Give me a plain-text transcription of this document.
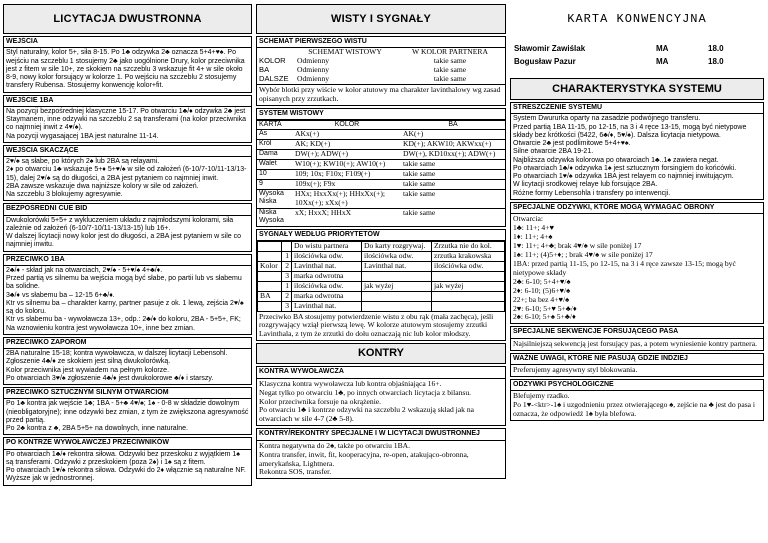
LICYTACJA DWUSTRONNA
WEJŚCIA

Styl naturalny, kolor 5+, siła 8-15. Po 1♣ odzywka 2♣ oznacza 5+4+♥♠. Po wejściu na szczeblu 1 stosujemy 2♣ jako uogólnione Drury, kolor przeciwnika jest z fitem w sile 10+, ze skokiem na szczeblu 3 wskazuje fit 4+ w sile około 8-9, nowy kolor forsujący w kolorze 1. Po wejściu na szczeblu 2 stosujemy transfery Rubensa. Stosujemy konwencję kolor+fit.

WEJŚCIE 1BA

Na pozycji bezpośredniej klasyczne 15-17. Po otwarciu 1♣/♦ odzywka 2♣ jest Staymanem, inne odzywki na szczeblu 2 są transferami (na kolor przeciwnika co najmniej inwit z 4♥/♠).

Na pozycji wygasającej 1BA jest naturalne 11-14.

WEJŚCIA SKACZĄCE

2♥/♠ są słabe, po których 2♠ lub 2BA są relayami.

2♦ po otwarciu 1♣ wskazuje 5+♦ 5+♥/♠ w sile od założeń (6-10/7-10/11-13/13-15), dalej 2♥/♠ są do długości, a 2BA jest pytaniem co najmniej inwit.

2BA zawsze wskazuje dwa najniższe kolory w sile od założeń.

Na szczeblu 3 blokujemy agresywnie.

BEZPOŚREDNI CUE BID

Dwukolorówki 5+5+ z wykluczeniem układu z najmłodszymi kolorami, siła zależnie od założeń (6-10/7-10/11-13/13-15) lub 16+.

W dalszej licytacji nowy kolor jest do długości, a 2BA jest pytaniem w sile co najmniej inwitu.

PRZECIWKO 1BA

2♣/♦ - skład jak na otwarciach, 2♥/♠ - 5+♥/♠ 4+♣/♦.

Przed partią vs silnemu ba wejścia mogą być słabe, po partii lub vs słabemu ba solidne.

3♣/♦ vs słabemu ba – 12-15 6+♣/♦.

Ktr vs silnemu ba – charakter karny, partner pasuje z ok. 1 lewą, zejścia 2♥/♠ są do koloru.

Ktr vs słabemu ba - wywoławcza 13+, odp.: 2♣/♦ do koloru, 2BA - 5+5+, FK; Na wznowieniu kontra jest wywoławcza 10+, inne bez zmian.

PRZECIWKO ZAPOROM

2BA naturalne 15-18; kontra wywoławcza, w dalszej licytacji Lebensohl.

Zgłoszenie 4♣/♦ ze skokiem jest silną dwukolorówką.

Kolor przeciwnika jest wywiadem na pełnym kolorze.

Po otwarciach 3♥/♠ zgłoszenie 4♣/♦ jest dwukolorowe ♣/♦ i starszy.

PRZECIWKO SZTUCZNYM SILNYM OTWARCIOM

Po 1♣ kontra jak wejście 1♣; 1BA - 5+♣ 4♥/♠; 1♠ - 0-8 w składzie dowolnym (nieobligatoryjne); inne odzywki bez zmian, z tym że zwiększona agresywność przed partią.

Po 2♣ kontra z ♣, 2BA 5+5+ na dowolnych, inne naturalne.

PO KONTRZE WYWOŁAWCZEJ PRZECIWNIKÓW

Po otwarciach 1♣/♦ rekontra siłowa. Odzywki bez przeskoku z wyjątkiem 1♠ są transferami. Odzywki z przeskokiem (poza 2♠) i 1♠ są z fitem.

Po otwarciach 1♥/♠ rekontra siłowa. Odzywki do 2♦ włącznie są naturalne NF. Wyższe jak w jednostronnej.

WISTY I SYGNAŁY
SCHEMAT PIERWSZEGO WISTU
	SCHEMAT WISTOWY	W KOLOR PARTNERA
KOLOR	Odmienny	takie same
BA	Odmienny	takie same
DALSZE	Odmienny	takie same
Wybór blotki przy wiście w kolor atutowy ma charakter lavinthalowy wg zasad opisanych przy zrzutkach.
SYSTEM WISTOWY
KARTA	KOLOR	BA
As	AKx(+)	AK(+)
Król	AK; KD(+)	KD(+); AKW10; AKWxx(+)
Dama	DW(+); ADW(+)	DW(+), KD10xx(+); ADW(+)
Walet	W10(+); KW10(+); AW10(+)	takie same
10	109; 10x; F10x; F109(+)	takie same
9	109x(+); F9x	takie same
Wysoka Niska	HXx; HxxXx(+); HHxXx(+); 10Xx(+); xXx(+)	takie same
Niska Wysoka	xX; HxxX; HHxX	takie same
SYGNAŁY WEDŁUG PRIORYTETÓW
		Do wistu partnera	Do karty rozgrywaj.	Zrzutka nie do kol.
	1	ilościówka odw.	ilościówka odw.	zrzutka krakowska
Kolor	2	Lavinthal nat.	Lavinthal nat.	ilościówka odw.
	3	marka odwrotna		
	1	ilościówka odw.	jak wyżej	jak wyżej
BA	2	marka odwrotna		
	3	Lavinthal nat.		
Przeciwko BA stosujemy potwierdzenie wistu z obu rąk (mała zachęca), jeśli rozgrywający wziął pierwszą lewę. W kolorze atutowym stosujemy zrzutki Lavinthala, z tym że zrzutki do dołu oznaczają nic lub kolor młodszy.
KONTRY
KONTRA WYWOŁAWCZA

Klasyczna kontra wywoławcza lub kontra objaśniająca 16+.

Negat tylko po otwarciu 1♣, po innych otwarciach licytacja z bilansu.

Kolor przeciwnika forsuje na okrążenie.

Po otwarciu 1♣ i kontrze odzywki na szczeblu 2 wskazują skład jak na otwarciach w sile 4-7 (2♣ 5-8).

KONTRY/REKONTRY SPECJALNE I W LICYTACJI DWUSTRONNEJ

Kontra negatywna do 2♠, także po otwarciu 1BA.

Kontra transfer, inwit, fit, kooperacyjna, re-open, atakująco-obronna, amerykańska, Lightnera.

Rekontra SOS, transfer.

KARTA KONWENCYJNA
Sławomir Zawiślak	MA	18.0
Bogusław Pazur	MA	18.0
CHARAKTERYSTYKA SYSTEMU
STRESZCZENIE SYSTEMU

System Dwururka oparty na zasadzie podwójnego transferu.

Przed partią 1BA 11-15, po 12-15, na 3 i 4 ręce 13-15, mogą być nietypowe składy bez krótkości (5422, 6♣/♦, 5♥/♠). Dalsza licytacja nietypowa.

Otwarcie 2♣ jest podlimitowe 5+4+♥♠.

Silne otwarcie 2BA 19-21.

Najbliższa odzywka kolorowa po otwarciach 1♣..1♠ zawiera negat.

Po otwarciach 1♣/♦ odzywka 1♠ jest sztucznym forsingiem do końcówki.

Po otwarciach 1♥/♠ odzywka 1BA jest relayem co najmniej inwitującym.

W licytacji srodkowej relaye lub forsujące 2BA.

Różne formy Lebensohla i transfery po interwencji.

SPECJALNE ODZYWKI, KTÓRE MOGĄ WYMAGAĆ OBRONY

Otwarcia:

1♣: 11+; 4+♥

1♦: 11+; 4+♠

1♥: 11+; 4+♣; brak 4♥/♠ w sile poniżej 17

1♠: 11+; (4)5+♦; ; brak 4♥/♠ w sile poniżej 17

1BA: przed partią 11-15, po 12-15, na 3 i 4 ręce zawsze 13-15; mogą być nietypowe składy

2♣: 6-10; 5+4+♥/♠

2♦: 6-10; (5)6+♥/♠

22+; ba bez 4+♥/♠

2♥: 6-10; 5+♥ 5+♣/♦

2♠: 6-10; 5+♠ 5+♣/♦

SPECJALNE SEKWENCJE FORSUJĄCEGO PASA

Najsilniejszą sekwencją jest forsujący pas, a potem wyniesienie kontry partnera.

WAŻNE UWAGI, KTÓRE NIE PASUJĄ GDZIE INDZIEJ

Preferujemy agresywny styl blokowania.

ODZYWKI PSYCHOLOGICZNE

Blefujemy rzadko.

Po 1♥-<ktr>-1♠ i uzgodnieniu przez otwierającego ♠, zejście na ♣ jest do pasa i oznacza, że odpowiedź 1♠ była blefowa.
